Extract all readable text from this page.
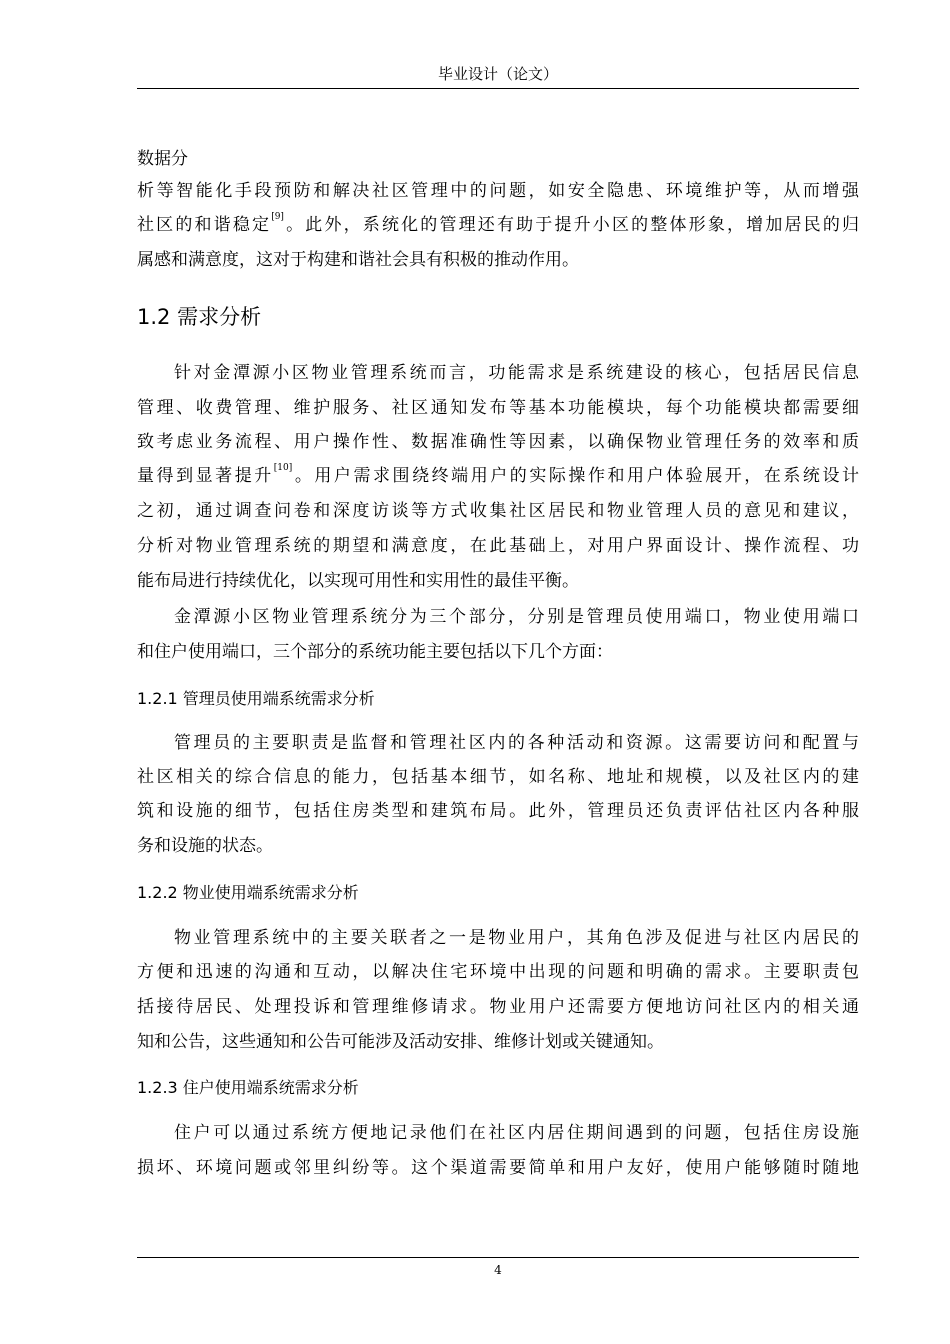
毕业设计（论文）
数据分
析等智能化手段预防和解决社区管理中的问题，如安全隐患、环境维护等，从而增强
社区的和谐稳定[9]。此外，系统化的管理还有助于提升小区的整体形象，增加居民的归
属感和满意度，这对于构建和谐社会具有积极的推动作用。
1.2 需求分析
针对金潭源小区物业管理系统而言，功能需求是系统建设的核心，包括居民信息
管理、收费管理、维护服务、社区通知发布等基本功能模块，每个功能模块都需要细
致考虑业务流程、用户操作性、数据准确性等因素，以确保物业管理任务的效率和质
量得到显著提升[10]。用户需求围绕终端用户的实际操作和用户体验展开，在系统设计
之初，通过调查问卷和深度访谈等方式收集社区居民和物业管理人员的意见和建议，
分析对物业管理系统的期望和满意度，在此基础上，对用户界面设计、操作流程、功
能布局进行持续优化，以实现可用性和实用性的最佳平衡。
金潭源小区物业管理系统分为三个部分，分别是管理员使用端口，物业使用端口
和住户使用端口，三个部分的系统功能主要包括以下几个方面：
1.2.1 管理员使用端系统需求分析
管理员的主要职责是监督和管理社区内的各种活动和资源。这需要访问和配置与
社区相关的综合信息的能力，包括基本细节，如名称、地址和规模，以及社区内的建
筑和设施的细节，包括住房类型和建筑布局。此外，管理员还负责评估社区内各种服
务和设施的状态。
1.2.2 物业使用端系统需求分析
物业管理系统中的主要关联者之一是物业用户，其角色涉及促进与社区内居民的
方便和迅速的沟通和互动，以解决住宅环境中出现的问题和明确的需求。主要职责包
括接待居民、处理投诉和管理维修请求。物业用户还需要方便地访问社区内的相关通
知和公告，这些通知和公告可能涉及活动安排、维修计划或关键通知。
1.2.3 住户使用端系统需求分析
住户可以通过系统方便地记录他们在社区内居住期间遇到的问题，包括住房设施
损坏、环境问题或邻里纠纷等。这个渠道需要简单和用户友好，使用户能够随时随地
4
